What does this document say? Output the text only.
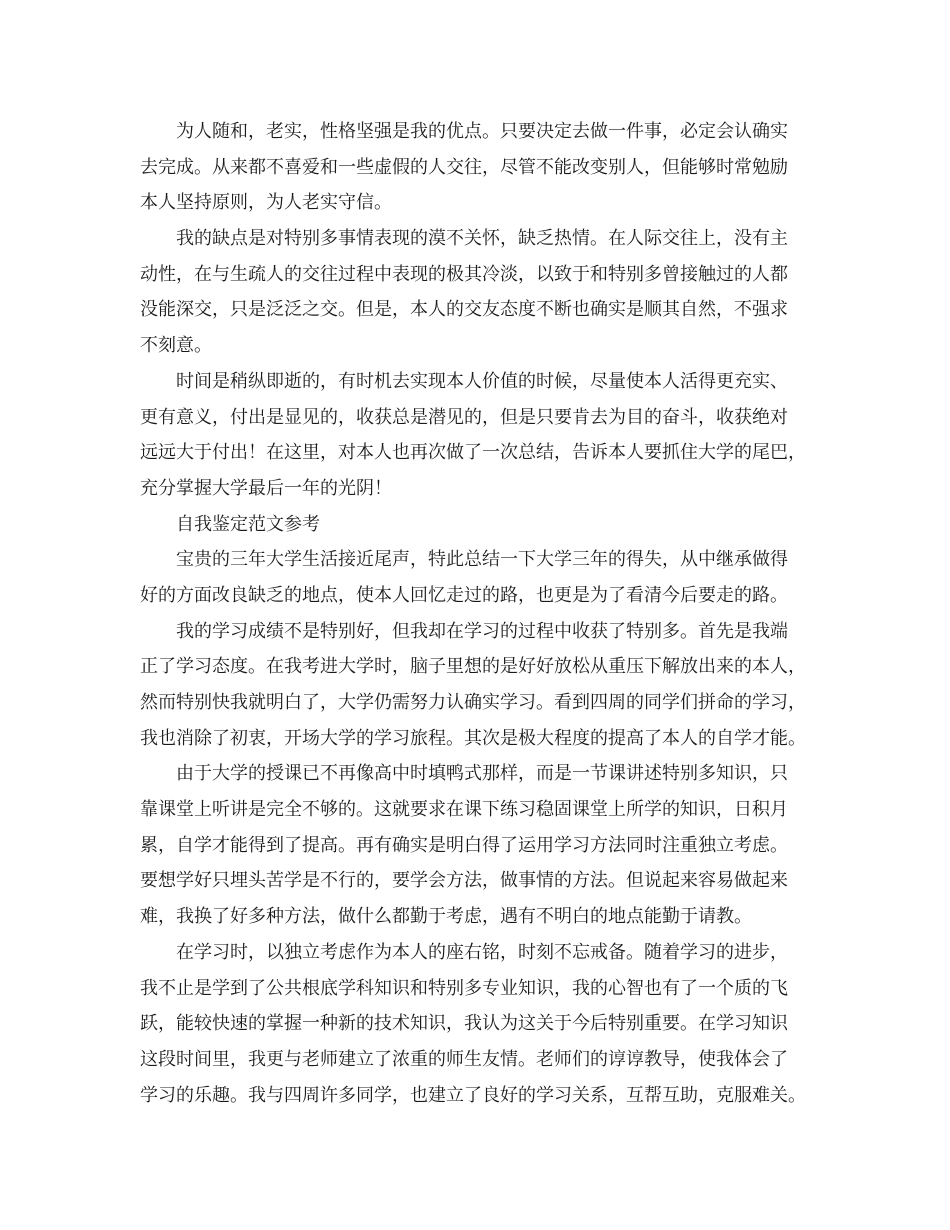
为人随和，老实，性格坚强是我的优点。只要决定去做一件事，必定会认确实
去完成。从来都不喜爱和一些虚假的人交往，尽管不能改变别人，但能够时常勉励
本人坚持原则，为人老实守信。
我的缺点是对特别多事情表现的漠不关怀，缺乏热情。在人际交往上，没有主
动性，在与生疏人的交往过程中表现的极其冷淡，以致于和特别多曾接触过的人都
没能深交，只是泛泛之交。但是，本人的交友态度不断也确实是顺其自然，不强求
不刻意。
时间是稍纵即逝的，有时机去实现本人价值的时候，尽量使本人活得更充实、
更有意义，付出是显见的，收获总是潜见的，但是只要肯去为目的奋斗，收获绝对
远远大于付出！在这里，对本人也再次做了一次总结，告诉本人要抓住大学的尾巴，
充分掌握大学最后一年的光阴！
自我鉴定范文参考
宝贵的三年大学生活接近尾声，特此总结一下大学三年的得失，从中继承做得
好的方面改良缺乏的地点，使本人回忆走过的路，也更是为了看清今后要走的路。
我的学习成绩不是特别好，但我却在学习的过程中收获了特别多。首先是我端
正了学习态度。在我考进大学时，脑子里想的是好好放松从重压下解放出来的本人，
然而特别快我就明白了，大学仍需努力认确实学习。看到四周的同学们拼命的学习，
我也消除了初衷，开场大学的学习旅程。其次是极大程度的提高了本人的自学才能。
由于大学的授课已不再像高中时填鸭式那样，而是一节课讲述特别多知识，只
靠课堂上听讲是完全不够的。这就要求在课下练习稳固课堂上所学的知识，日积月
累，自学才能得到了提高。再有确实是明白得了运用学习方法同时注重独立考虑。
要想学好只埋头苦学是不行的，要学会方法，做事情的方法。但说起来容易做起来
难，我换了好多种方法，做什么都勤于考虑，遇有不明白的地点能勤于请教。
在学习时，以独立考虑作为本人的座右铭，时刻不忘戒备。随着学习的进步，
我不止是学到了公共根底学科知识和特别多专业知识，我的心智也有了一个质的飞
跃，能较快速的掌握一种新的技术知识，我认为这关于今后特别重要。在学习知识
这段时间里，我更与老师建立了浓重的师生友情。老师们的谆谆教导，使我体会了
学习的乐趣。我与四周许多同学，也建立了良好的学习关系，互帮互助，克服难关。
